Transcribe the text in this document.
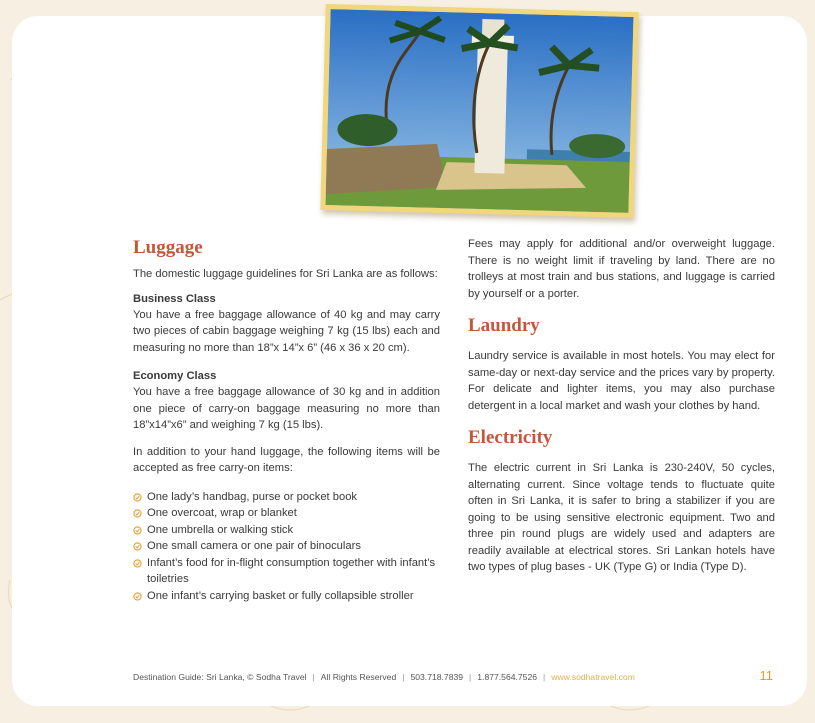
Luggage

The domestic luggage guidelines for Sri Lanka are as follows:

Business Class

You have a free baggage allowance of 40 kg and may carry two pieces of cabin baggage weighing 7 kg (15 lbs) each and measuring no more than 18”x 14”x 6” (46 x 36 x 20 cm).

Economy Class

You have a free baggage allowance of 30 kg and in addition one piece of carry-on baggage measuring no more than 18”x14”x6” and weighing 7 kg (15 lbs).

In addition to your hand luggage, the following items will be accepted as free carry-on items:

One lady’s handbag, purse or pocket book
One overcoat, wrap or blanket
One umbrella or walking stick
One small camera or one pair of binoculars
Infant’s food for in-flight consumption together with infant’s toiletries
One infant’s carrying basket or fully collapsible stroller

Fees may apply for additional and/or overweight luggage. There is no weight limit if traveling by land. There are no trolleys at most train and bus stations, and luggage is carried by yourself or a porter.

Laundry

Laundry service is available in most hotels. You may elect for same-day or next-day service and the prices vary by property. For delicate and lighter items, you may also purchase detergent in a local market and wash your clothes by hand.

Electricity

The electric current in Sri Lanka is 230-240V, 50 cycles, alternating current. Since voltage tends to fluctuate quite often in Sri Lanka, it is safer to bring a stabilizer if you are going to be using sensitive electronic equipment. Two and three pin round plugs are widely used and adapters are readily available at electrical stores. Sri Lankan hotels have two types of plug bases - UK (Type G) or India (Type D).

Destination Guide: Sri Lanka, © Sodha Travel | All Rights Reserved | 503.718.7839 | 1.877.564.7526 | www.sodhatravel.com	11
